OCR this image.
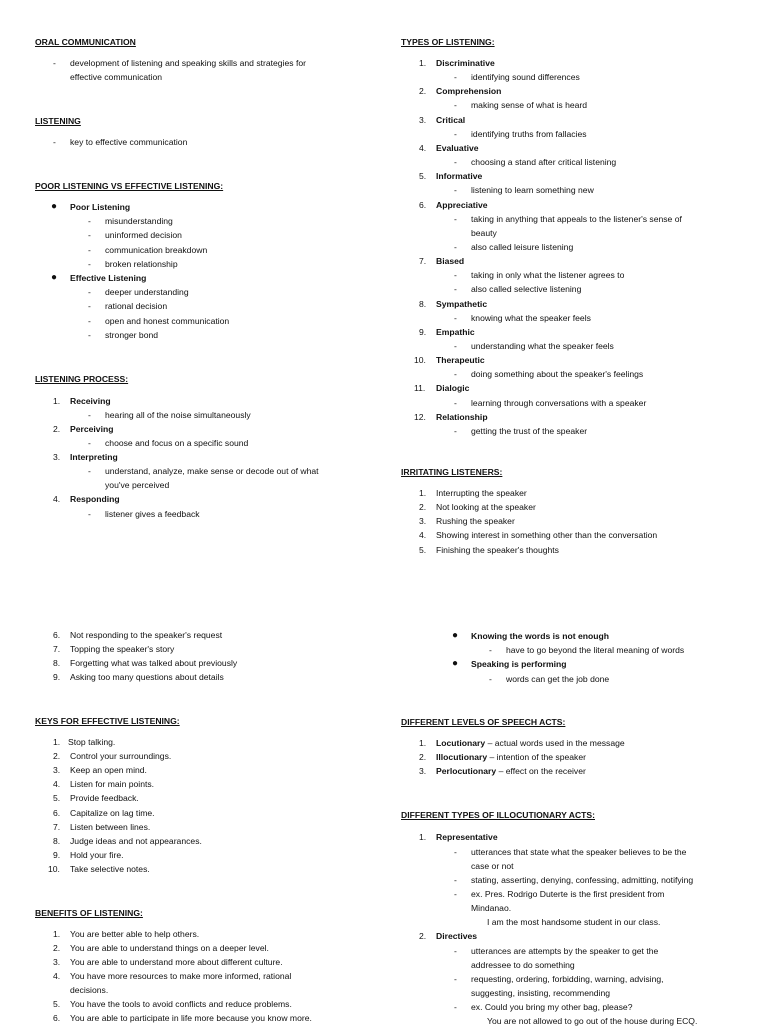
ORAL COMMUNICATION
- development of listening and speaking skills and strategies for
effective communication
LISTENING
- key to effective communication
POOR LISTENING VS EFFECTIVE LISTENING:
● Poor Listening
- misunderstanding
- uninformed decision
- communication breakdown
- broken relationship
● Effective Listening
- deeper understanding
- rational decision
- open and honest communication
- stronger bond
LISTENING PROCESS:
1. Receiving
- hearing all of the noise simultaneously
2. Perceiving
- choose and focus on a specific sound
3. Interpreting
- understand, analyze, make sense or decode out of what
you've perceived
4. Responding
- listener gives a feedback
TYPES OF LISTENING:
1. Discriminative
- identifying sound differences
2. Comprehension
- making sense of what is heard
3. Critical
- identifying truths from fallacies
4. Evaluative
- choosing a stand after critical listening
5. Informative
- listening to learn something new
6. Appreciative
- taking in anything that appeals to the listener's sense of
beauty
- also called leisure listening
7. Biased
- taking in only what the listener agrees to
- also called selective listening
8. Sympathetic
- knowing what the speaker feels
9. Empathic
- understanding what the speaker feels
10. Therapeutic
- doing something about the speaker's feelings
11. Dialogic
- learning through conversations with a speaker
12. Relationship
- getting the trust of the speaker
IRRITATING LISTENERS:
1. Interrupting the speaker
2. Not looking at the speaker
3. Rushing the speaker
4. Showing interest in something other than the conversation
5. Finishing the speaker's thoughts
6. Not responding to the speaker's request
7. Topping the speaker's story
8. Forgetting what was talked about previously
9. Asking too many questions about details
KEYS FOR EFFECTIVE LISTENING:
1. Stop talking.
2. Control your surroundings.
3. Keep an open mind.
4. Listen for main points.
5. Provide feedback.
6. Capitalize on lag time.
7. Listen between lines.
8. Judge ideas and not appearances.
9. Hold your fire.
10. Take selective notes.
BENEFITS OF LISTENING:
1. You are better able to help others.
2. You are able to understand things on a deeper level.
3. You are able to understand more about different culture.
4. You have more resources to make more informed, rational
decisions.
5. You have the tools to avoid conflicts and reduce problems.
6. You are able to participate in life more because you know more.
● Knowing the words is not enough
- have to go beyond the literal meaning of words
● Speaking is performing
- words can get the job done
DIFFERENT LEVELS OF SPEECH ACTS:
1. Locutionary – actual words used in the message
2. Illocutionary – intention of the speaker
3. Perlocutionary – effect on the receiver
DIFFERENT TYPES OF ILLOCUTIONARY ACTS:
1. Representative
- utterances that state what the speaker believes to be the
case or not
- stating, asserting, denying, confessing, admitting, notifying
- ex. Pres. Rodrigo Duterte is the first president from
Mindanao.
I am the most handsome student in our class.
2. Directives
- utterances are attempts by the speaker to get the
addressee to do something
- requesting, ordering, forbidding, warning, advising,
suggesting, insisting, recommending
- ex. Could you bring my other bag, please?
You are not allowed to go out of the house during ECQ.
